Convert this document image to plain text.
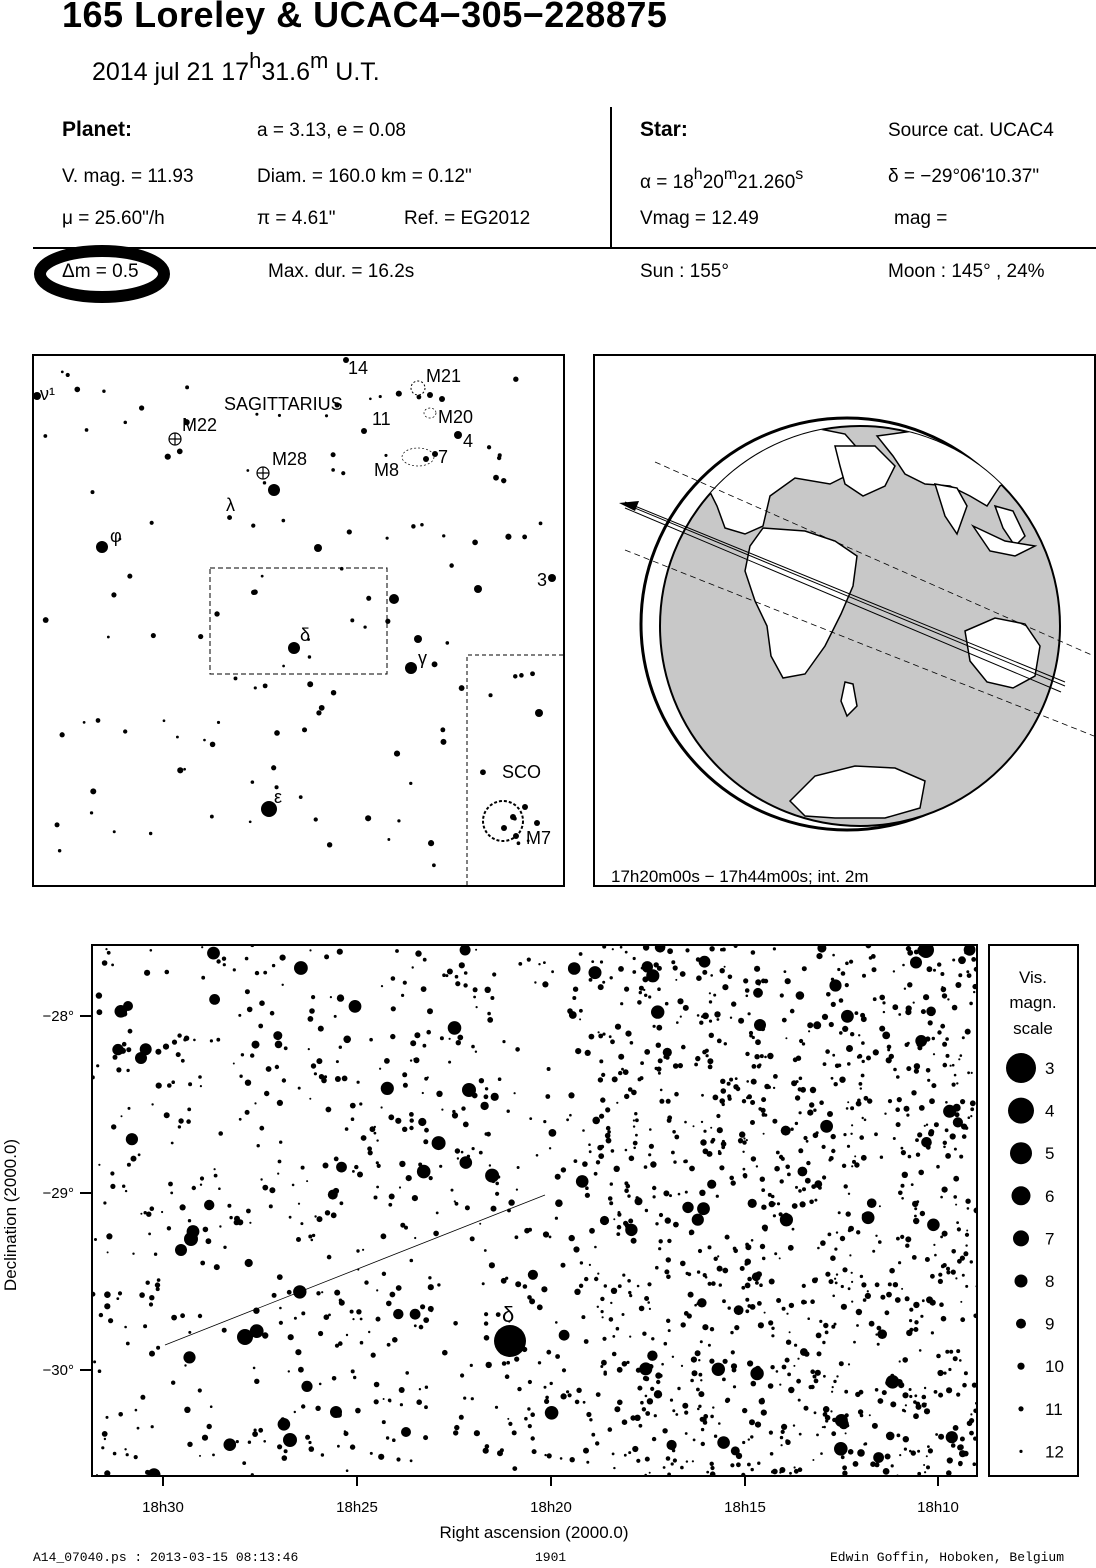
165 Loreley & UCAC4−305−228875
2014 jul 21 17$^h$31.6$^m$ U.T.
Planet:	a = 3.13, e = 0.08
V. mag. = 11.93	Diam. = 160.0 km = 0.12"
μ = 25.60"/h	π = 4.61"	Ref. = EG2012
Star:	Source cat. UCAC4
$\alpha = 18^h20^m21.260^s$	δ = −29°06'10.37"
Vmag = 12.49	mag =
Δm = 0.5	Max. dur. = 16.2s	Sun : 155°	Moon : 145° , 24%
SAGITTARIUS
SCO
ν¹
14	M21
M20
M22	11
4
M28	7
M8
λ
φ
3
δ
γ
ε
M7
17h20m00s − 17h44m00s; int. 2m
Declination (2000.0)
−28°
−29°
−30°
δ
18h30	18h25	18h20	18h15	18h10
Right ascension (2000.0)
Vis.
magn.
scale
3
4
5
6
7
8
9
10
11
12
A14_07040.ps : 2013-03-15 08:13:46	1901	Edwin Goffin, Hoboken, Belgium
